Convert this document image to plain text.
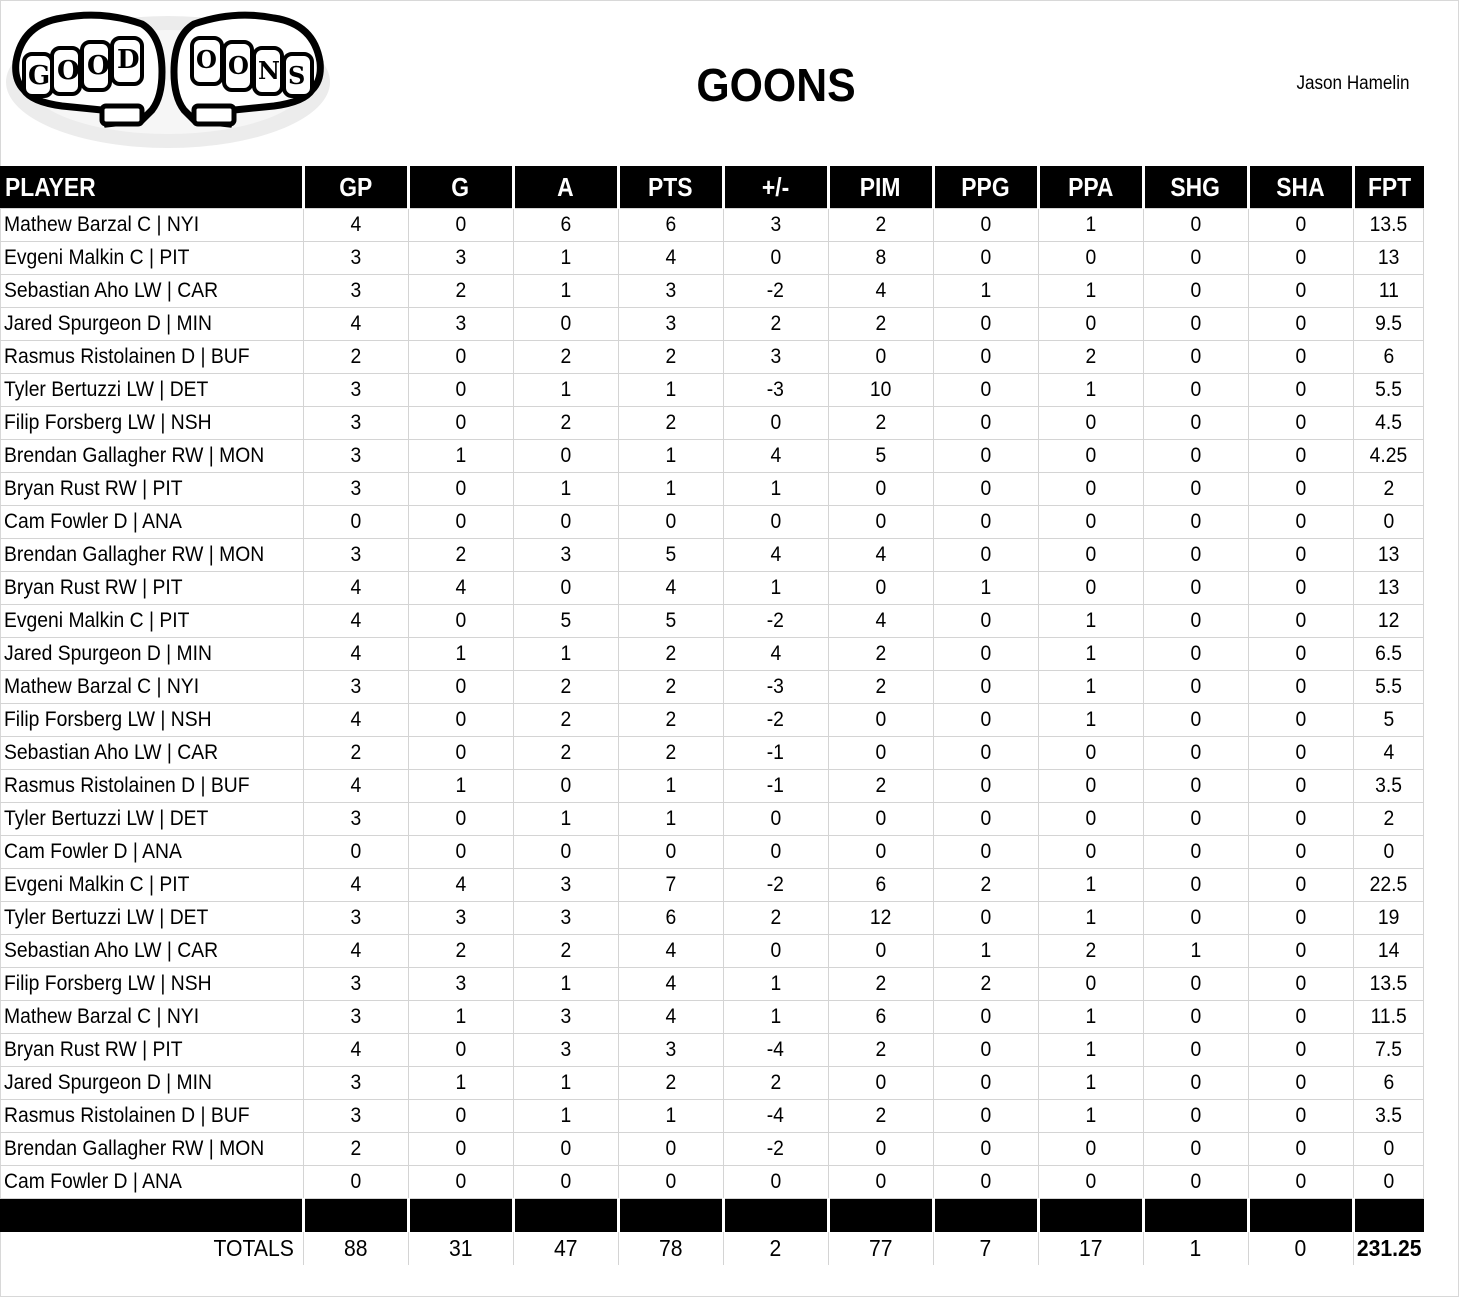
G O O D O O N S	GOONS	Jason Hamelin
PLAYER	GP	G	A	PTS	+/-	PIM	PPG	PPA	SHG	SHA	FPT
Mathew Barzal C | NYI	4	0	6	6	3	2	0	1	0	0	13.5
Evgeni Malkin C | PIT	3	3	1	4	0	8	0	0	0	0	13
Sebastian Aho LW | CAR	3	2	1	3	-2	4	1	1	0	0	11
Jared Spurgeon D | MIN	4	3	0	3	2	2	0	0	0	0	9.5
Rasmus Ristolainen D | BUF	2	0	2	2	3	0	0	2	0	0	6
Tyler Bertuzzi LW | DET	3	0	1	1	-3	10	0	1	0	0	5.5
Filip Forsberg LW | NSH	3	0	2	2	0	2	0	0	0	0	4.5
Brendan Gallagher RW | MON	3	1	0	1	4	5	0	0	0	0	4.25
Bryan Rust RW | PIT	3	0	1	1	1	0	0	0	0	0	2
Cam Fowler D | ANA	0	0	0	0	0	0	0	0	0	0	0
Brendan Gallagher RW | MON	3	2	3	5	4	4	0	0	0	0	13
Bryan Rust RW | PIT	4	4	0	4	1	0	1	0	0	0	13
Evgeni Malkin C | PIT	4	0	5	5	-2	4	0	1	0	0	12
Jared Spurgeon D | MIN	4	1	1	2	4	2	0	1	0	0	6.5
Mathew Barzal C | NYI	3	0	2	2	-3	2	0	1	0	0	5.5
Filip Forsberg LW | NSH	4	0	2	2	-2	0	0	1	0	0	5
Sebastian Aho LW | CAR	2	0	2	2	-1	0	0	0	0	0	4
Rasmus Ristolainen D | BUF	4	1	0	1	-1	2	0	0	0	0	3.5
Tyler Bertuzzi LW | DET	3	0	1	1	0	0	0	0	0	0	2
Cam Fowler D | ANA	0	0	0	0	0	0	0	0	0	0	0
Evgeni Malkin C | PIT	4	4	3	7	-2	6	2	1	0	0	22.5
Tyler Bertuzzi LW | DET	3	3	3	6	2	12	0	1	0	0	19
Sebastian Aho LW | CAR	4	2	2	4	0	0	1	2	1	0	14
Filip Forsberg LW | NSH	3	3	1	4	1	2	2	0	0	0	13.5
Mathew Barzal C | NYI	3	1	3	4	1	6	0	1	0	0	11.5
Bryan Rust RW | PIT	4	0	3	3	-4	2	0	1	0	0	7.5
Jared Spurgeon D | MIN	3	1	1	2	2	0	0	1	0	0	6
Rasmus Ristolainen D | BUF	3	0	1	1	-4	2	0	1	0	0	3.5
Brendan Gallagher RW | MON	2	0	0	0	-2	0	0	0	0	0	0
Cam Fowler D | ANA	0	0	0	0	0	0	0	0	0	0	0

TOTALS	88	31	47	78	2	77	7	17	1	0	231.25
